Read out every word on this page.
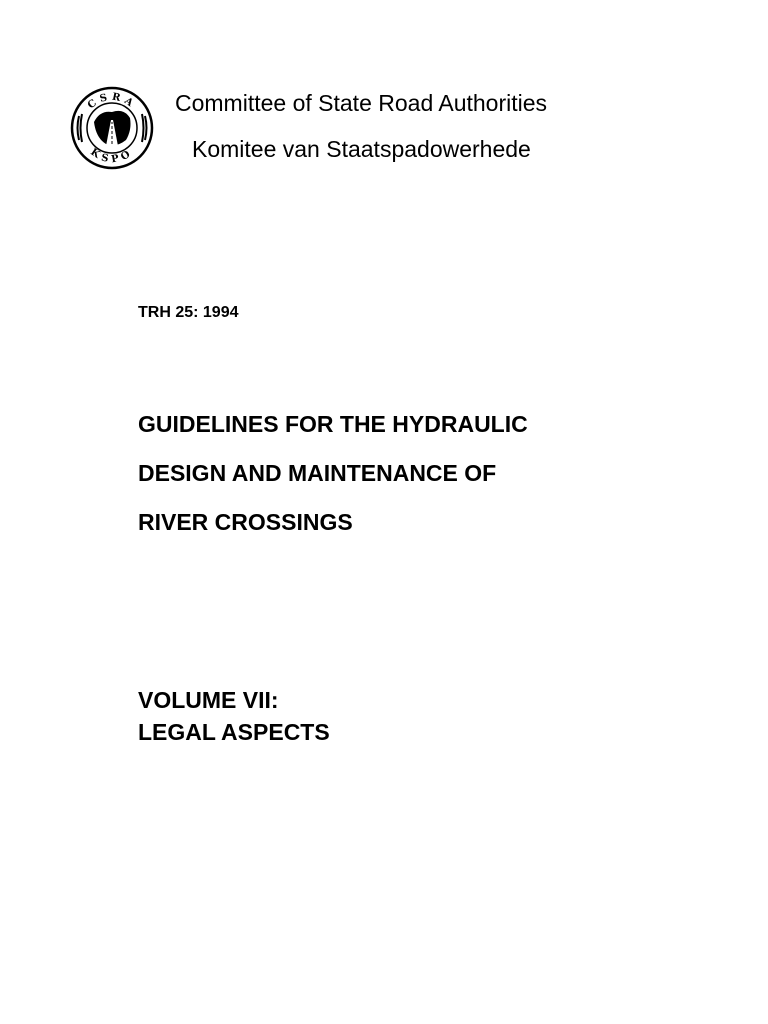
CSRA
KSPO
Committee of State Road Authorities
Komitee van Staatspadowerhede
TRH 25: 1994
GUIDELINES FOR THE HYDRAULIC
DESIGN AND MAINTENANCE OF
RIVER CROSSINGS
VOLUME VII:
LEGAL ASPECTS
